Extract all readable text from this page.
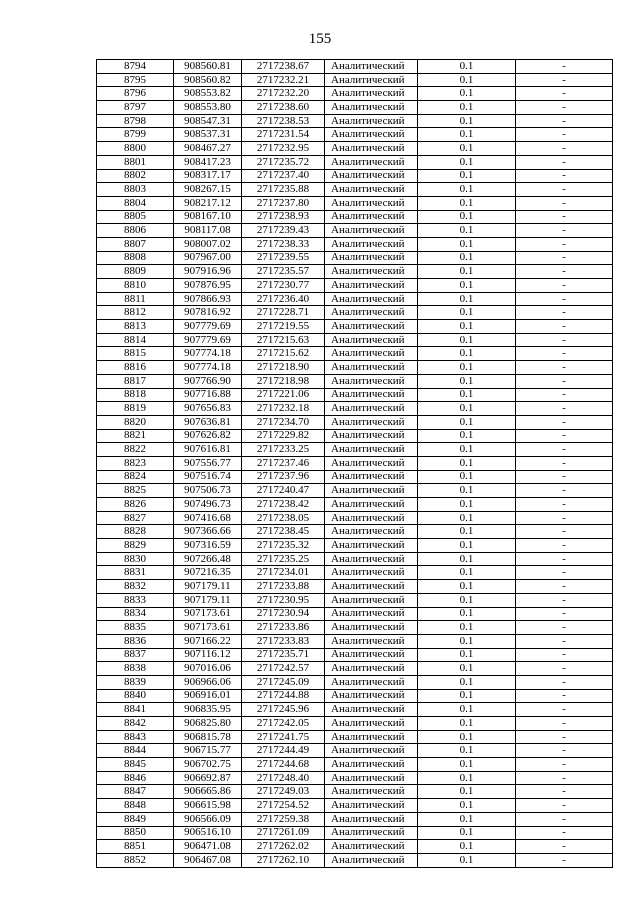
155
8794	908560.81	2717238.67	Аналитический	0.1	-
8795	908560.82	2717232.21	Аналитический	0.1	-
8796	908553.82	2717232.20	Аналитический	0.1	-
8797	908553.80	2717238.60	Аналитический	0.1	-
8798	908547.31	2717238.53	Аналитический	0.1	-
8799	908537.31	2717231.54	Аналитический	0.1	-
8800	908467.27	2717232.95	Аналитический	0.1	-
8801	908417.23	2717235.72	Аналитический	0.1	-
8802	908317.17	2717237.40	Аналитический	0.1	-
8803	908267.15	2717235.88	Аналитический	0.1	-
8804	908217.12	2717237.80	Аналитический	0.1	-
8805	908167.10	2717238.93	Аналитический	0.1	-
8806	908117.08	2717239.43	Аналитический	0.1	-
8807	908007.02	2717238.33	Аналитический	0.1	-
8808	907967.00	2717239.55	Аналитический	0.1	-
8809	907916.96	2717235.57	Аналитический	0.1	-
8810	907876.95	2717230.77	Аналитический	0.1	-
8811	907866.93	2717236.40	Аналитический	0.1	-
8812	907816.92	2717228.71	Аналитический	0.1	-
8813	907779.69	2717219.55	Аналитический	0.1	-
8814	907779.69	2717215.63	Аналитический	0.1	-
8815	907774.18	2717215.62	Аналитический	0.1	-
8816	907774.18	2717218.90	Аналитический	0.1	-
8817	907766.90	2717218.98	Аналитический	0.1	-
8818	907716.88	2717221.06	Аналитический	0.1	-
8819	907656.83	2717232.18	Аналитический	0.1	-
8820	907636.81	2717234.70	Аналитический	0.1	-
8821	907626.82	2717229.82	Аналитический	0.1	-
8822	907616.81	2717233.25	Аналитический	0.1	-
8823	907556.77	2717237.46	Аналитический	0.1	-
8824	907516.74	2717237.96	Аналитический	0.1	-
8825	907506.73	2717240.47	Аналитический	0.1	-
8826	907496.73	2717238.42	Аналитический	0.1	-
8827	907416.68	2717238.05	Аналитический	0.1	-
8828	907366.66	2717238.45	Аналитический	0.1	-
8829	907316.59	2717235.32	Аналитический	0.1	-
8830	907266.48	2717235.25	Аналитический	0.1	-
8831	907216.35	2717234.01	Аналитический	0.1	-
8832	907179.11	2717233.88	Аналитический	0.1	-
8833	907179.11	2717230.95	Аналитический	0.1	-
8834	907173.61	2717230.94	Аналитический	0.1	-
8835	907173.61	2717233.86	Аналитический	0.1	-
8836	907166.22	2717233.83	Аналитический	0.1	-
8837	907116.12	2717235.71	Аналитический	0.1	-
8838	907016.06	2717242.57	Аналитический	0.1	-
8839	906966.06	2717245.09	Аналитический	0.1	-
8840	906916.01	2717244.88	Аналитический	0.1	-
8841	906835.95	2717245.96	Аналитический	0.1	-
8842	906825.80	2717242.05	Аналитический	0.1	-
8843	906815.78	2717241.75	Аналитический	0.1	-
8844	906715.77	2717244.49	Аналитический	0.1	-
8845	906702.75	2717244.68	Аналитический	0.1	-
8846	906692.87	2717248.40	Аналитический	0.1	-
8847	906665.86	2717249.03	Аналитический	0.1	-
8848	906615.98	2717254.52	Аналитический	0.1	-
8849	906566.09	2717259.38	Аналитический	0.1	-
8850	906516.10	2717261.09	Аналитический	0.1	-
8851	906471.08	2717262.02	Аналитический	0.1	-
8852	906467.08	2717262.10	Аналитический	0.1	-
